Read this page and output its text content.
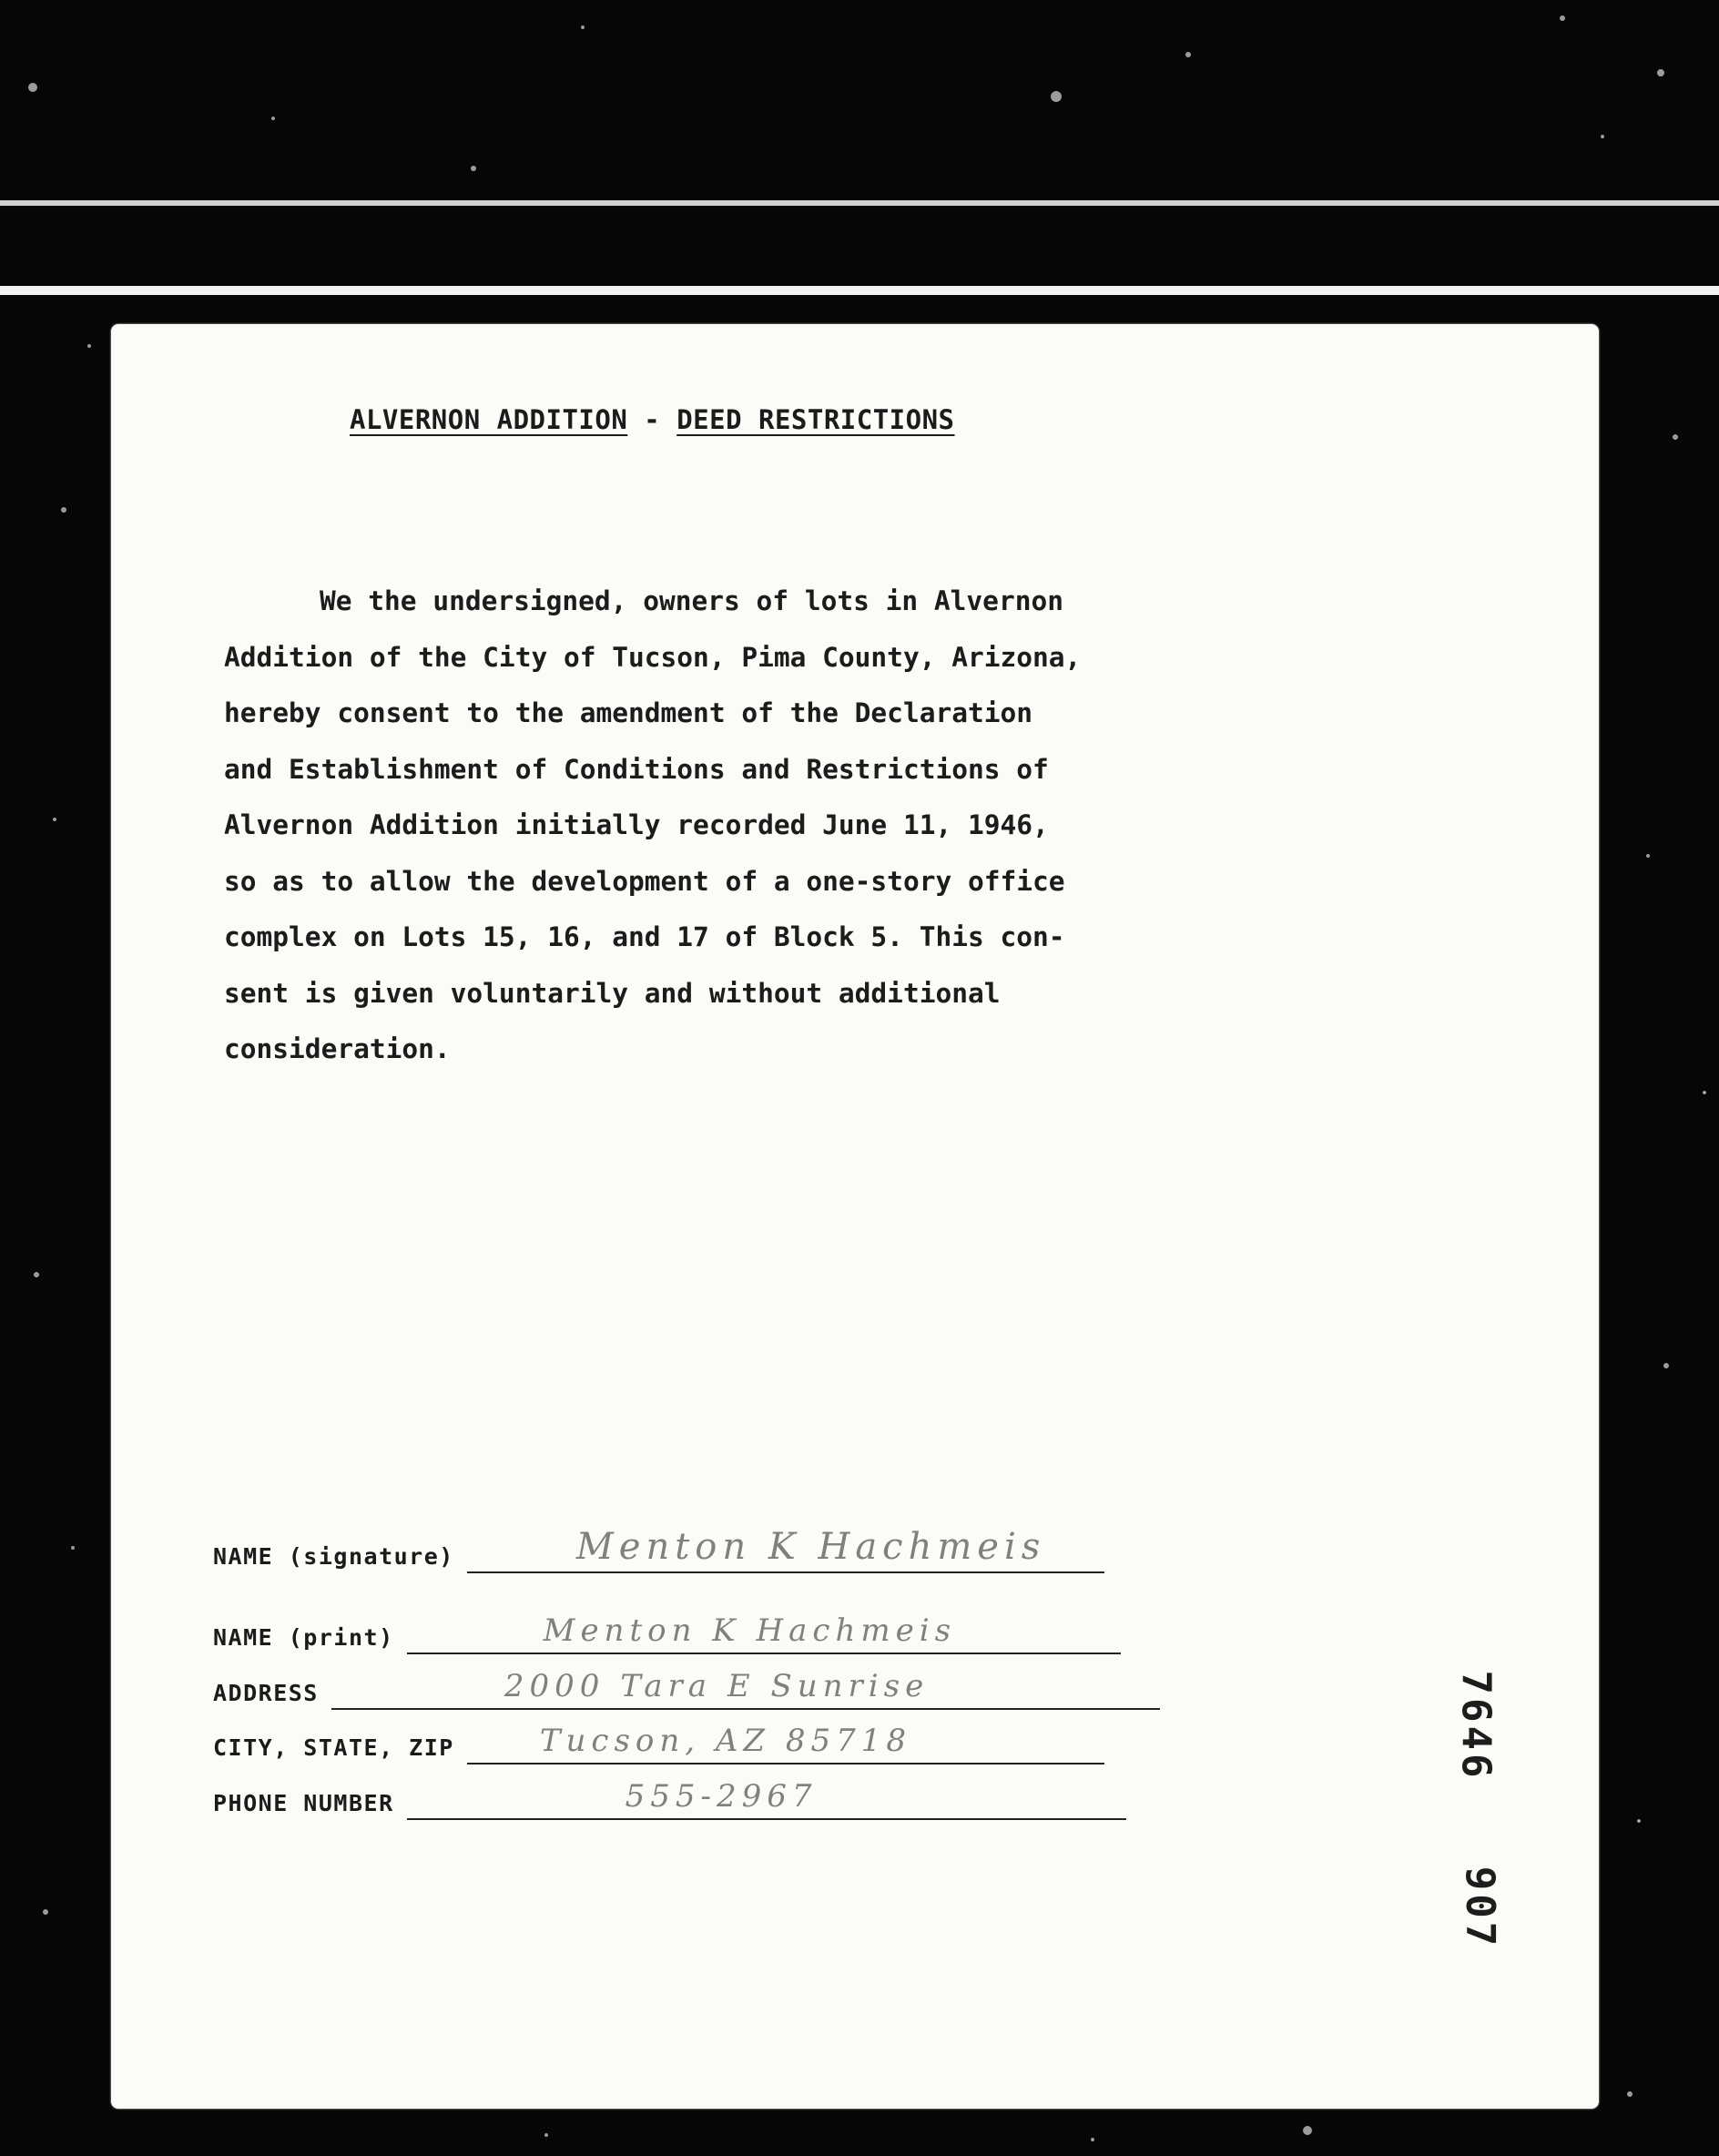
ALVERNON ADDITION - DEED RESTRICTIONS
We the undersigned, owners of lots in Alvernon
Addition of the City of Tucson, Pima County, Arizona,
hereby consent to the amendment of the Declaration
and Establishment of Conditions and Restrictions of
Alvernon Addition initially recorded June 11, 1946,
so as to allow the development of a one-story office
complex on Lots 15, 16, and 17 of Block 5. This con-
sent is given voluntarily and without additional
consideration.
NAME (signature)	Menton K Hachmeis
NAME (print)	Menton K Hachmeis
ADDRESS	2000 Tara E Sunrise
CITY, STATE, ZIP	Tucson, AZ 85718
PHONE NUMBER	555-2967
7646
907
